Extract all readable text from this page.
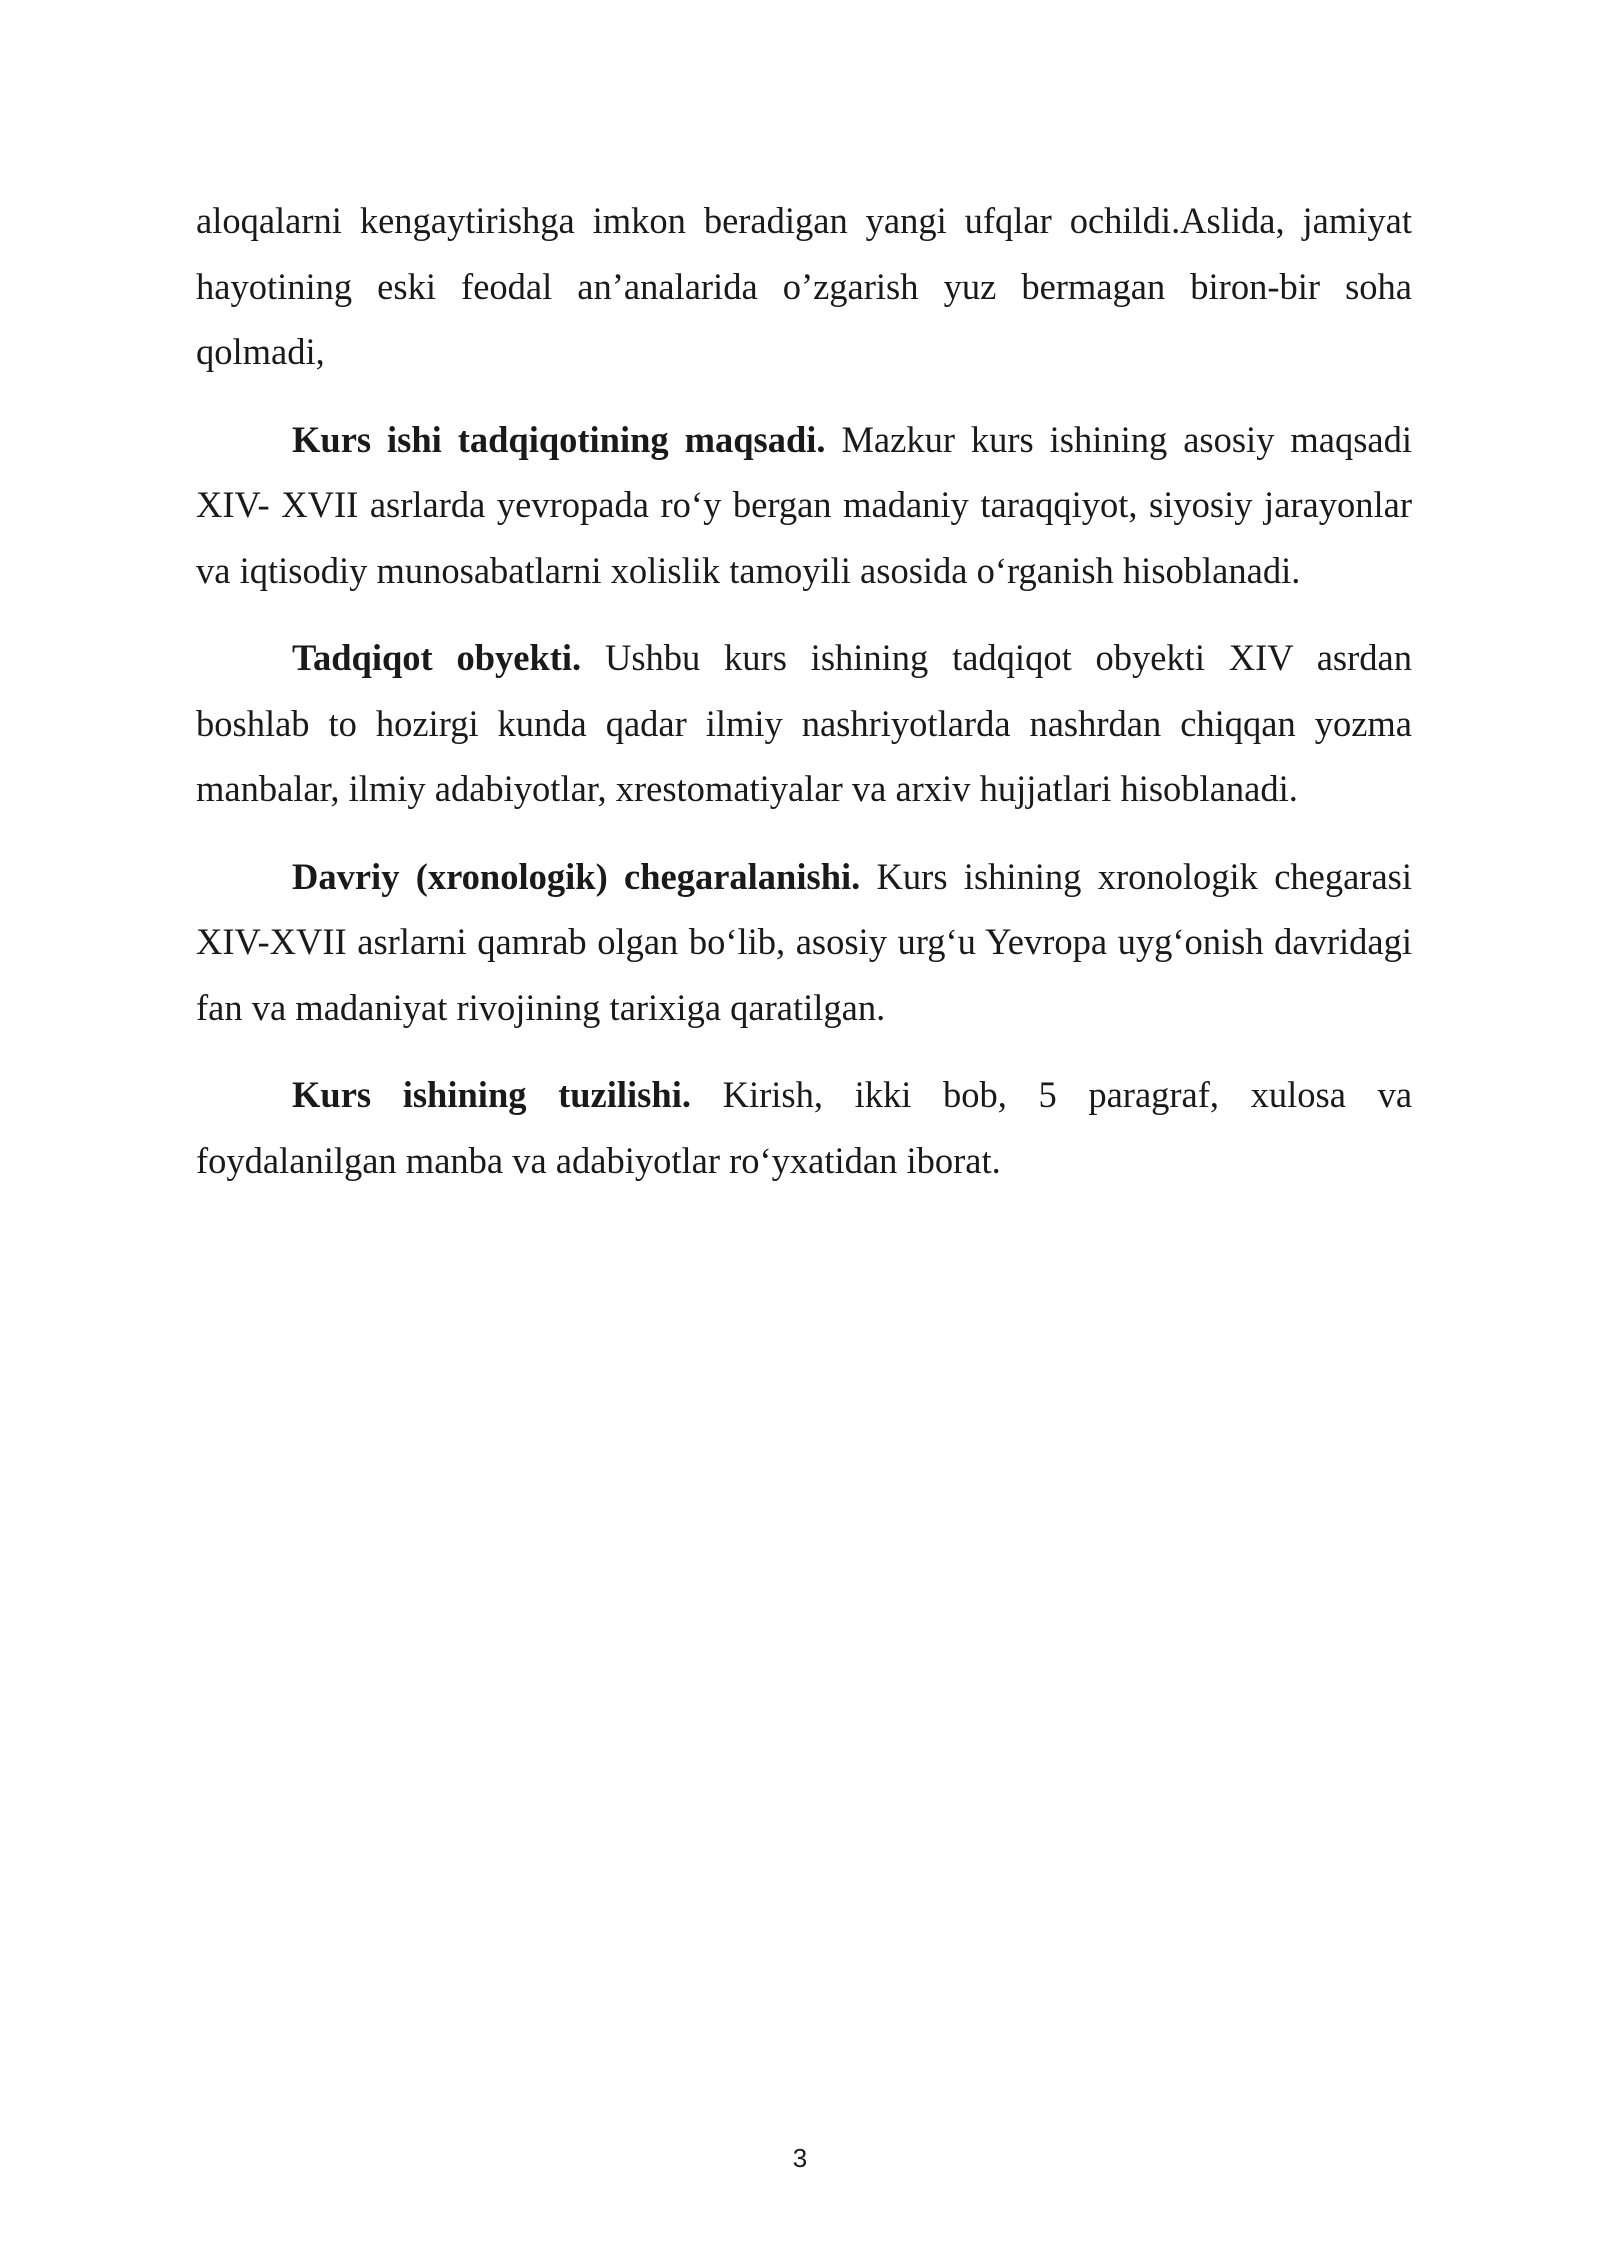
aloqalarni kengaytirishga imkon beradigan yangi ufqlar ochildi.Aslida, jamiyat hayotining eski feodal an’analarida o’zgarish yuz bermagan biron-bir soha qolmadi,

Kurs ishi tadqiqotining maqsadi. Mazkur kurs ishining asosiy maqsadi XIV- XVII asrlarda yevropada ro‘y bergan madaniy taraqqiyot, siyosiy jarayonlar va iqtisodiy munosabatlarni xolislik tamoyili asosida o‘rganish hisoblanadi.

Tadqiqot obyekti. Ushbu kurs ishining tadqiqot obyekti XIV asrdan boshlab to hozirgi kunda qadar ilmiy nashriyotlarda nashrdan chiqqan yozma manbalar, ilmiy adabiyotlar, xrestomatiyalar va arxiv hujjatlari hisoblanadi.

Davriy (xronologik) chegaralanishi. Kurs ishining xronologik chegarasi XIV-XVII asrlarni qamrab olgan bo‘lib, asosiy urg‘u Yevropa uyg‘onish davridagi fan va madaniyat rivojining tarixiga qaratilgan.

Kurs ishining tuzilishi. Kirish, ikki bob, 5 paragraf, xulosa va foydalanilgan manba va adabiyotlar ro‘yxatidan iborat.

3
